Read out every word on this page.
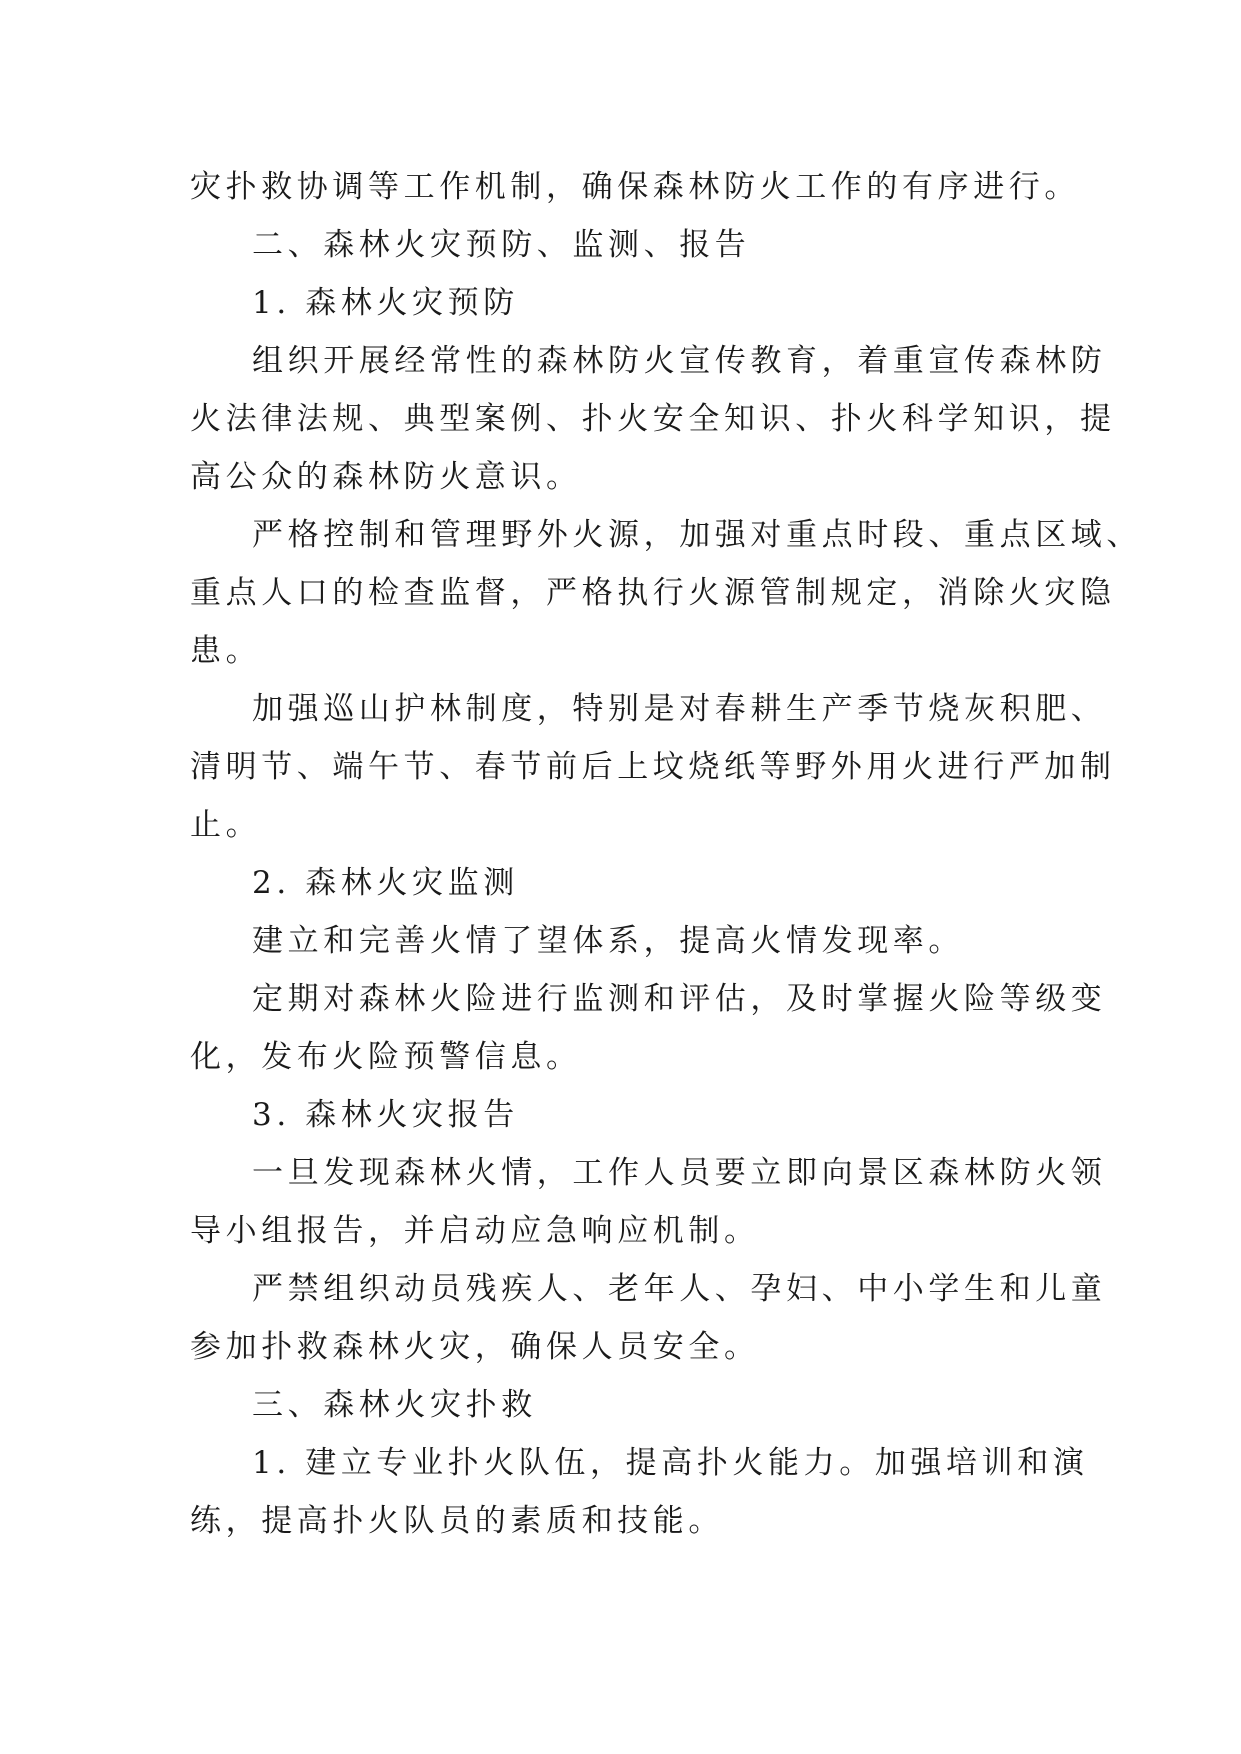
灾扑救协调等工作机制，确保森林防火工作的有序进行。
二、森林火灾预防、监测、报告
1. 森林火灾预防
组织开展经常性的森林防火宣传教育，着重宣传森林防
火法律法规、典型案例、扑火安全知识、扑火科学知识，提
高公众的森林防火意识。
严格控制和管理野外火源，加强对重点时段、重点区域、
重点人口的检查监督，严格执行火源管制规定，消除火灾隐
患。
加强巡山护林制度，特别是对春耕生产季节烧灰积肥、
清明节、端午节、春节前后上坟烧纸等野外用火进行严加制
止。
2. 森林火灾监测
建立和完善火情了望体系，提高火情发现率。
定期对森林火险进行监测和评估，及时掌握火险等级变
化，发布火险预警信息。
3. 森林火灾报告
一旦发现森林火情，工作人员要立即向景区森林防火领
导小组报告，并启动应急响应机制。
严禁组织动员残疾人、老年人、孕妇、中小学生和儿童
参加扑救森林火灾，确保人员安全。
三、森林火灾扑救
1. 建立专业扑火队伍，提高扑火能力。加强培训和演
练，提高扑火队员的素质和技能。
